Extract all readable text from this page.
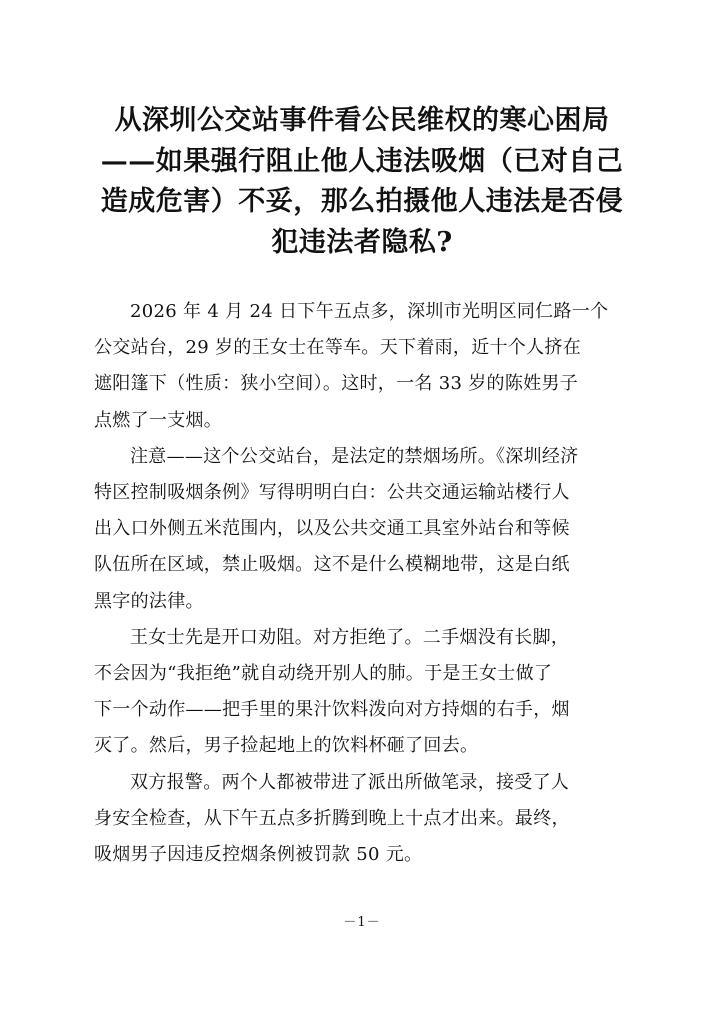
从深圳公交站事件看公民维权的寒心困局
——如果强行阻止他人违法吸烟（已对自己
造成危害）不妥，那么拍摄他人违法是否侵
犯违法者隐私?
2026 年 4 月 24 日下午五点多，深圳市光明区同仁路一个
公交站台，29 岁的王女士在等车。天下着雨，近十个人挤在
遮阳篷下（性质：狭小空间）。这时，一名 33 岁的陈姓男子
点燃了一支烟。
注意——这个公交站台，是法定的禁烟场所。《深圳经济
特区控制吸烟条例》写得明明白白：公共交通运输站楼行人
出入口外侧五米范围内，以及公共交通工具室外站台和等候
队伍所在区域，禁止吸烟。这不是什么模糊地带，这是白纸
黑字的法律。
王女士先是开口劝阻。对方拒绝了。二手烟没有长脚，
不会因为“我拒绝”就自动绕开别人的肺。于是王女士做了
下一个动作——把手里的果汁饮料泼向对方持烟的右手，烟
灭了。然后，男子捡起地上的饮料杯砸了回去。
双方报警。两个人都被带进了派出所做笔录，接受了人
身安全检查，从下午五点多折腾到晚上十点才出来。最终，
吸烟男子因违反控烟条例被罚款 50 元。
－1－
